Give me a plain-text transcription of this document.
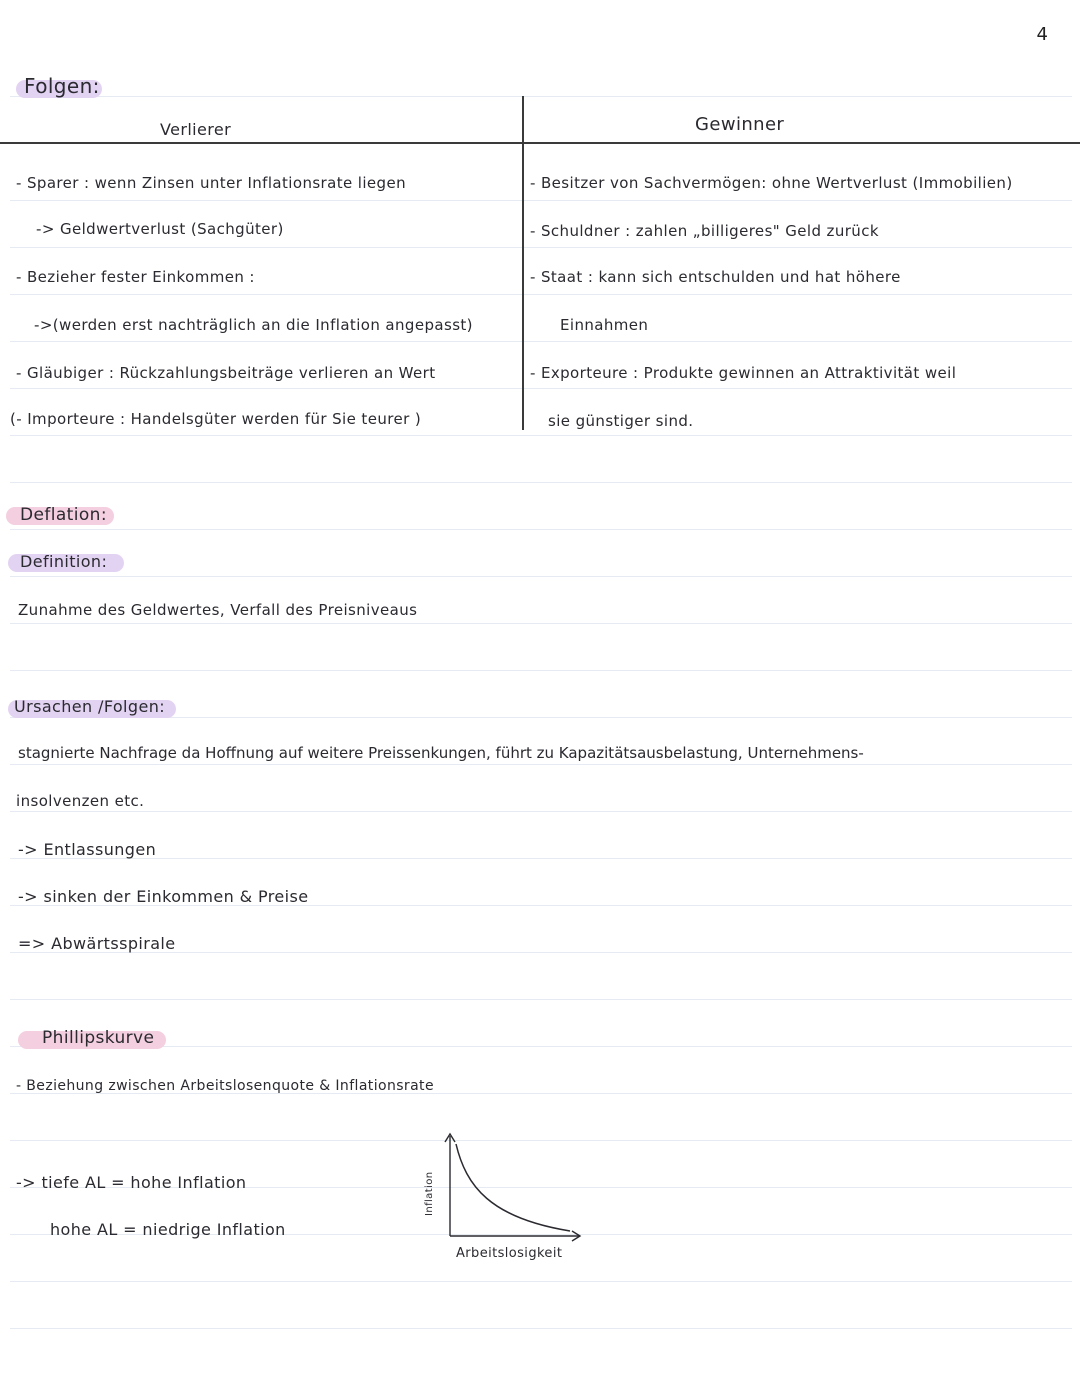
4
Folgen:
Verlierer	Gewinner
- Sparer : wenn Zinsen unter Inflationsrate liegen
-> Geldwertverlust (Sachgüter)
- Bezieher fester Einkommen :
->(werden erst nachträglich an die Inflation angepasst)
- Gläubiger : Rückzahlungsbeiträge verlieren an Wert
(- Importeure : Handelsgüter werden für Sie teurer )
- Besitzer von Sachvermögen: ohne Wertverlust (Immobilien)
- Schuldner : zahlen „billigeres" Geld zurück
- Staat : kann sich entschulden und hat höhere
Einnahmen
- Exporteure : Produkte gewinnen an Attraktivität weil
sie günstiger sind.
Deflation:
Definition:
Zunahme des Geldwertes, Verfall des Preisniveaus
Ursachen /Folgen:
stagnierte Nachfrage da Hoffnung auf weitere Preissenkungen, führt zu Kapazitätsausbelastung, Unternehmens-
insolvenzen etc.
-> Entlassungen
-> sinken der Einkommen & Preise
=> Abwärtsspirale
Phillipskurve
- Beziehung zwischen Arbeitslosenquote & Inflationsrate
-> tiefe AL = hohe Inflation
hohe AL = niedrige Inflation
Inflation
Arbeitslosigkeit
